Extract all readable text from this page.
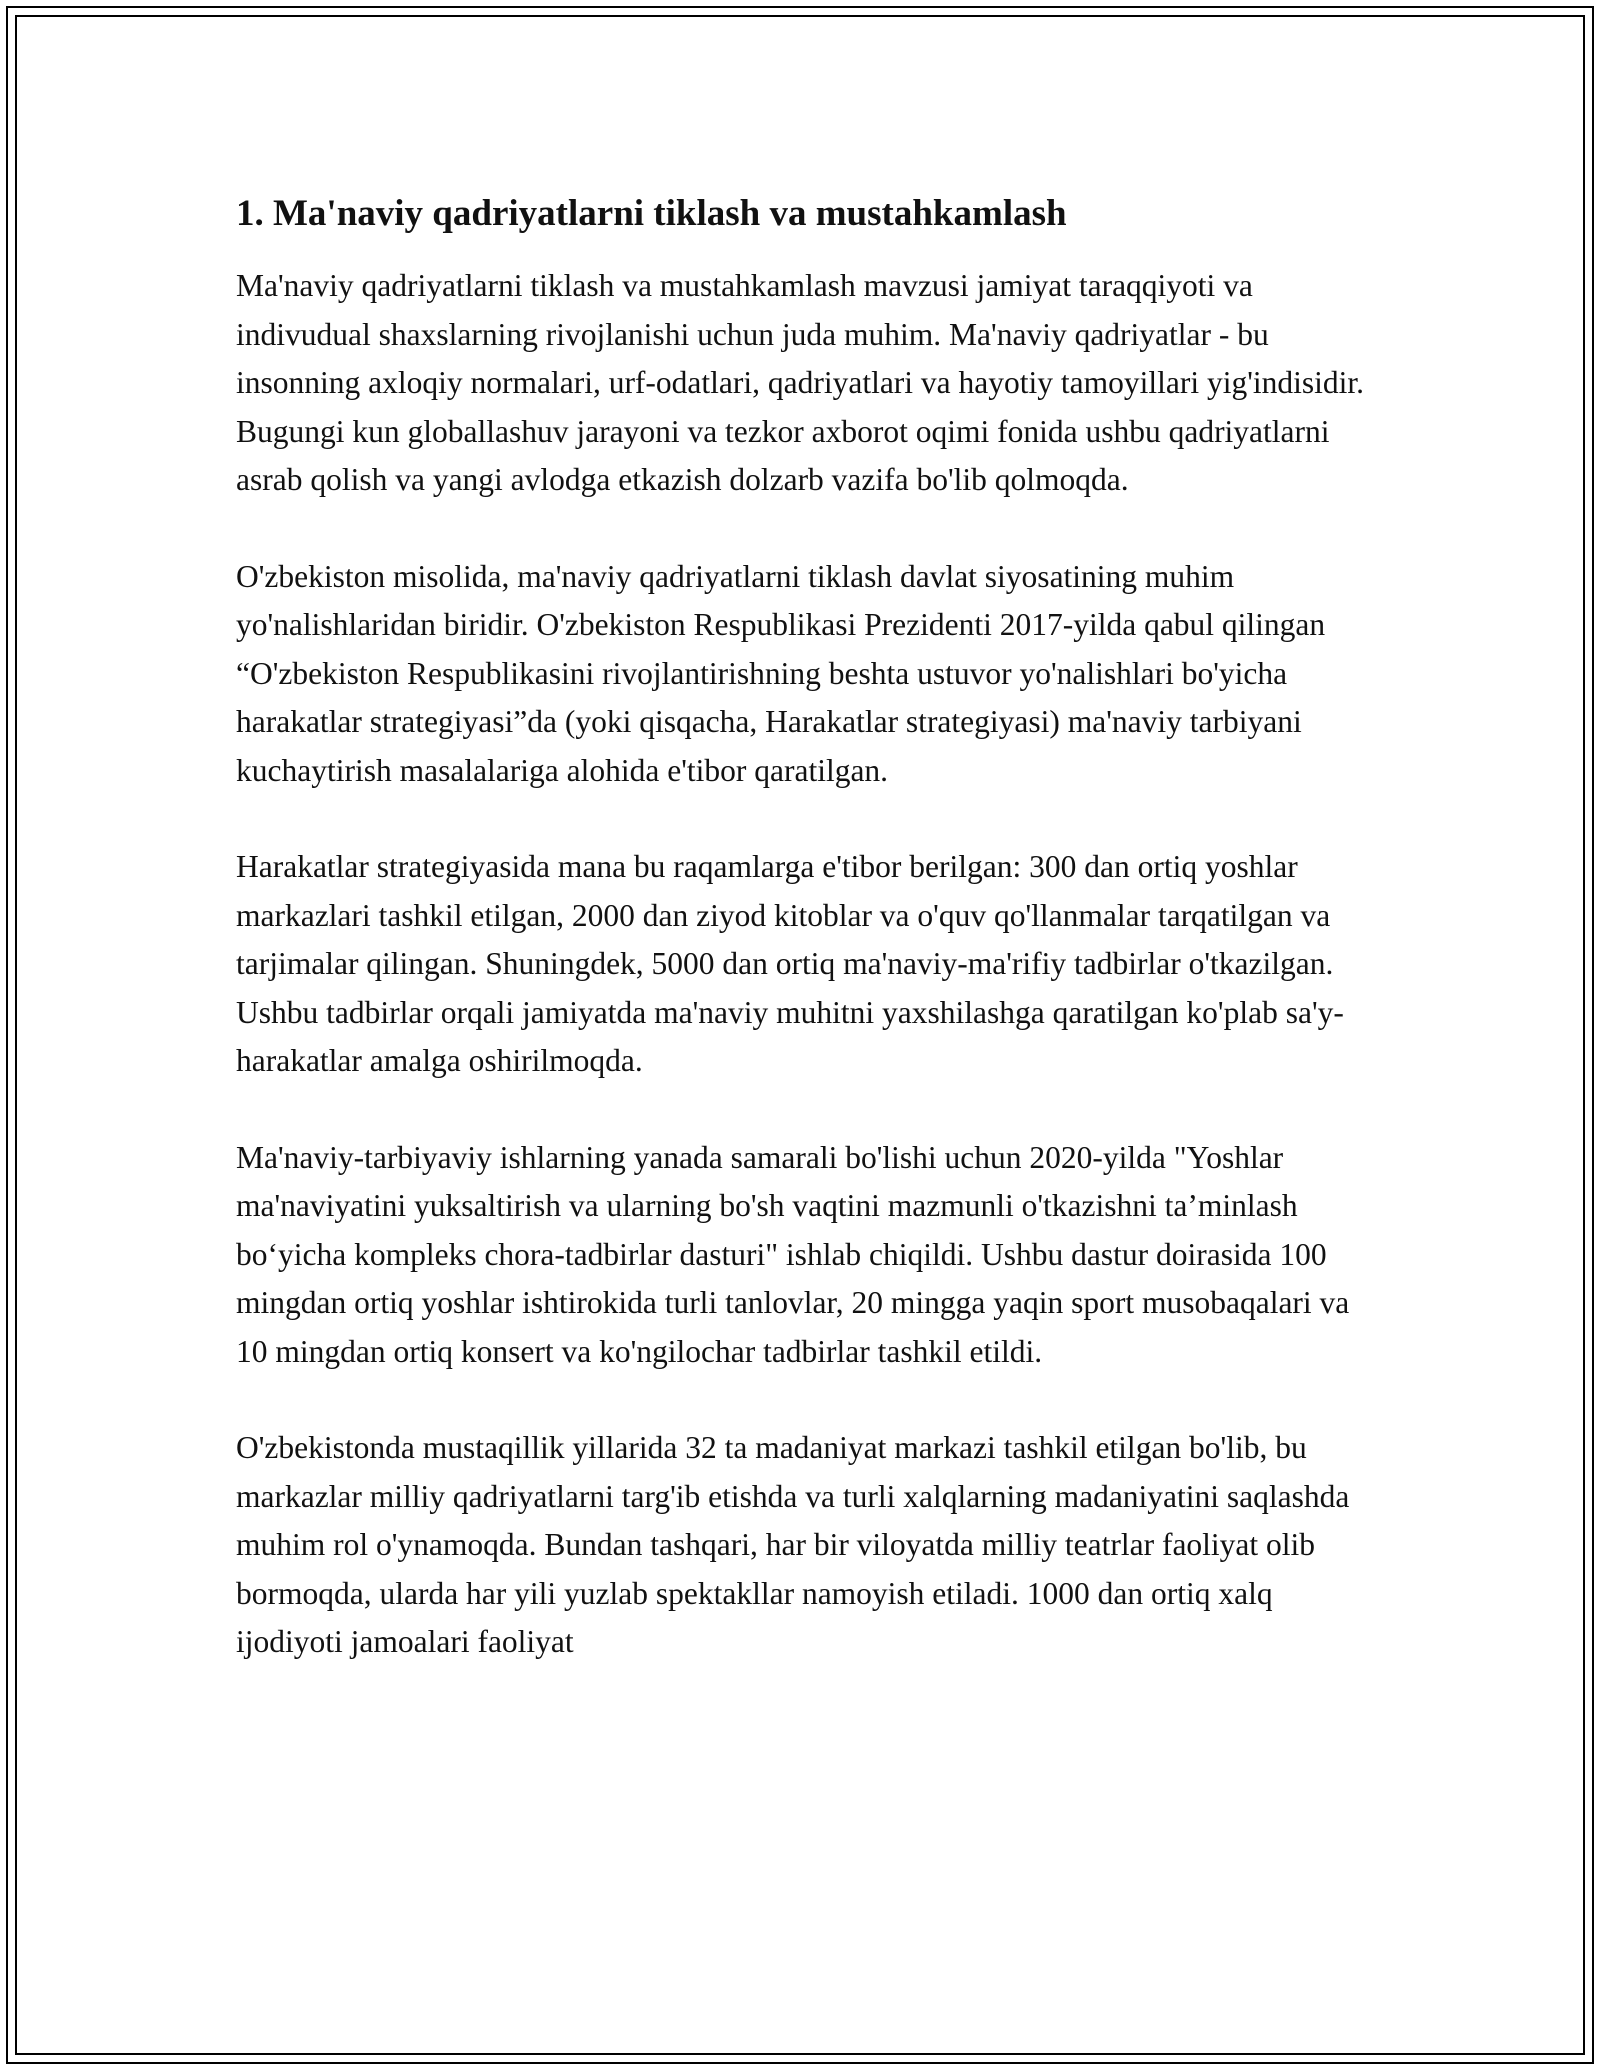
1. Ma'naviy qadriyatlarni tiklash va mustahkamlash

Ma'naviy qadriyatlarni tiklash va mustahkamlash mavzusi jamiyat taraqqiyoti va indivudual shaxslarning rivojlanishi uchun juda muhim. Ma'naviy qadriyatlar - bu insonning axloqiy normalari, urf-odatlari, qadriyatlari va hayotiy tamoyillari yig'indisidir. Bugungi kun globallashuv jarayoni va tezkor axborot oqimi fonida ushbu qadriyatlarni asrab qolish va yangi avlodga etkazish dolzarb vazifa bo'lib qolmoqda.

O'zbekiston misolida, ma'naviy qadriyatlarni tiklash davlat siyosatining muhim yo'nalishlaridan biridir. O'zbekiston Respublikasi Prezidenti 2017-yilda qabul qilingan “O'zbekiston Respublikasini rivojlantirishning beshta ustuvor yo'nalishlari bo'yicha harakatlar strategiyasi”da (yoki qisqacha, Harakatlar strategiyasi) ma'naviy tarbiyani kuchaytirish masalalariga alohida e'tibor qaratilgan.

Harakatlar strategiyasida mana bu raqamlarga e'tibor berilgan: 300 dan ortiq yoshlar markazlari tashkil etilgan, 2000 dan ziyod kitoblar va o'quv qo'llanmalar tarqatilgan va tarjimalar qilingan. Shuningdek, 5000 dan ortiq ma'naviy-ma'rifiy tadbirlar o'tkazilgan. Ushbu tadbirlar orqali jamiyatda ma'naviy muhitni yaxshilashga qaratilgan ko'plab sa'y-harakatlar amalga oshirilmoqda.

Ma'naviy-tarbiyaviy ishlarning yanada samarali bo'lishi uchun 2020-yilda "Yoshlar ma'naviyatini yuksaltirish va ularning bo'sh vaqtini mazmunli o'tkazishni ta’minlash bo‘yicha kompleks chora-tadbirlar dasturi" ishlab chiqildi. Ushbu dastur doirasida 100 mingdan ortiq yoshlar ishtirokida turli tanlovlar, 20 mingga yaqin sport musobaqalari va 10 mingdan ortiq konsert va ko'ngilochar tadbirlar tashkil etildi.

O'zbekistonda mustaqillik yillarida 32 ta madaniyat markazi tashkil etilgan bo'lib, bu markazlar milliy qadriyatlarni targ'ib etishda va turli xalqlarning madaniyatini saqlashda muhim rol o'ynamoqda. Bundan tashqari, har bir viloyatda milliy teatrlar faoliyat olib bormoqda, ularda har yili yuzlab spektakllar namoyish etiladi. 1000 dan ortiq xalq ijodiyoti jamoalari faoliyat
